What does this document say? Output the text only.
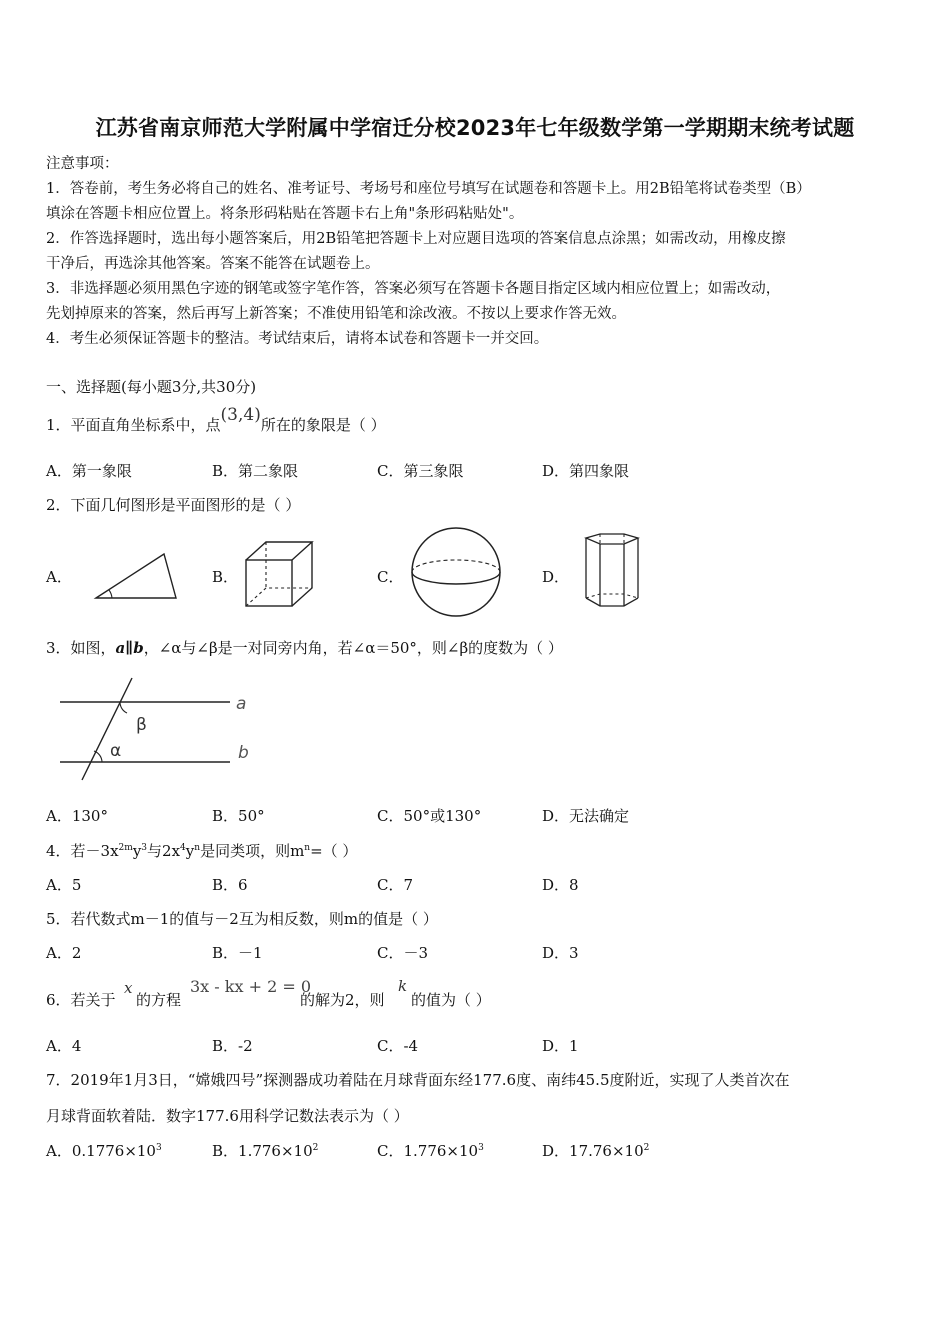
江苏省南京师范大学附属中学宿迁分校2023年七年级数学第一学期期末统考试题
注意事项：
1．答卷前，考生务必将自己的姓名、准考证号、考场号和座位号填写在试题卷和答题卡上。用2B铅笔将试卷类型（B）
填涂在答题卡相应位置上。将条形码粘贴在答题卡右上角"条形码粘贴处"。
2．作答选择题时，选出每小题答案后，用2B铅笔把答题卡上对应题目选项的答案信息点涂黑；如需改动，用橡皮擦
干净后，再选涂其他答案。答案不能答在试题卷上。
3．非选择题必须用黑色字迹的钢笔或签字笔作答，答案必须写在答题卡各题目指定区域内相应位置上；如需改动，
先划掉原来的答案，然后再写上新答案；不准使用铅笔和涂改液。不按以上要求作答无效。
4．考生必须保证答题卡的整洁。考试结束后，请将本试卷和答题卡一并交回。
一、选择题(每小题3分,共30分)
1．平面直角坐标系中，点(3,4)所在的象限是（ ）
A．第一象限	B．第二象限	C．第三象限	D．第四象限
2．下面几何图形是平面图形的是（ ）
A．	B．	C．	D．
3．如图，a∥b，∠α与∠β是一对同旁内角，若∠α＝50°，则∠β的度数为（ ）
a
b
β
α
A．130°	B．50°	C．50°或130°	D．无法确定
4．若$-3x^{2m}y^3$与$2x^4y^n$是同类项，则$m^n=$（ ）
A．5	B．6	C．7	D．8
5．若代数式m－1的值与－2互为相反数，则m的值是（ ）
A．2	B．－1	C．－3	D．3
6．若关于
x
的方程
3x - kx + 2 = 0
的解为2，则
k
的值为（ ）
A．4	B．-2	C．-4	D．1
7．2019年1月3日，“嫦娥四号”探测器成功着陆在月球背面东经177.6度、南纬45.5度附近，实现了人类首次在
月球背面软着陆．数字177.6用科学记数法表示为（ ）
A．$0.1776\times 10^3$	B．$1.776\times 10^2$	C．$1.776\times 10^3$	D．$17.76\times 10^2$
